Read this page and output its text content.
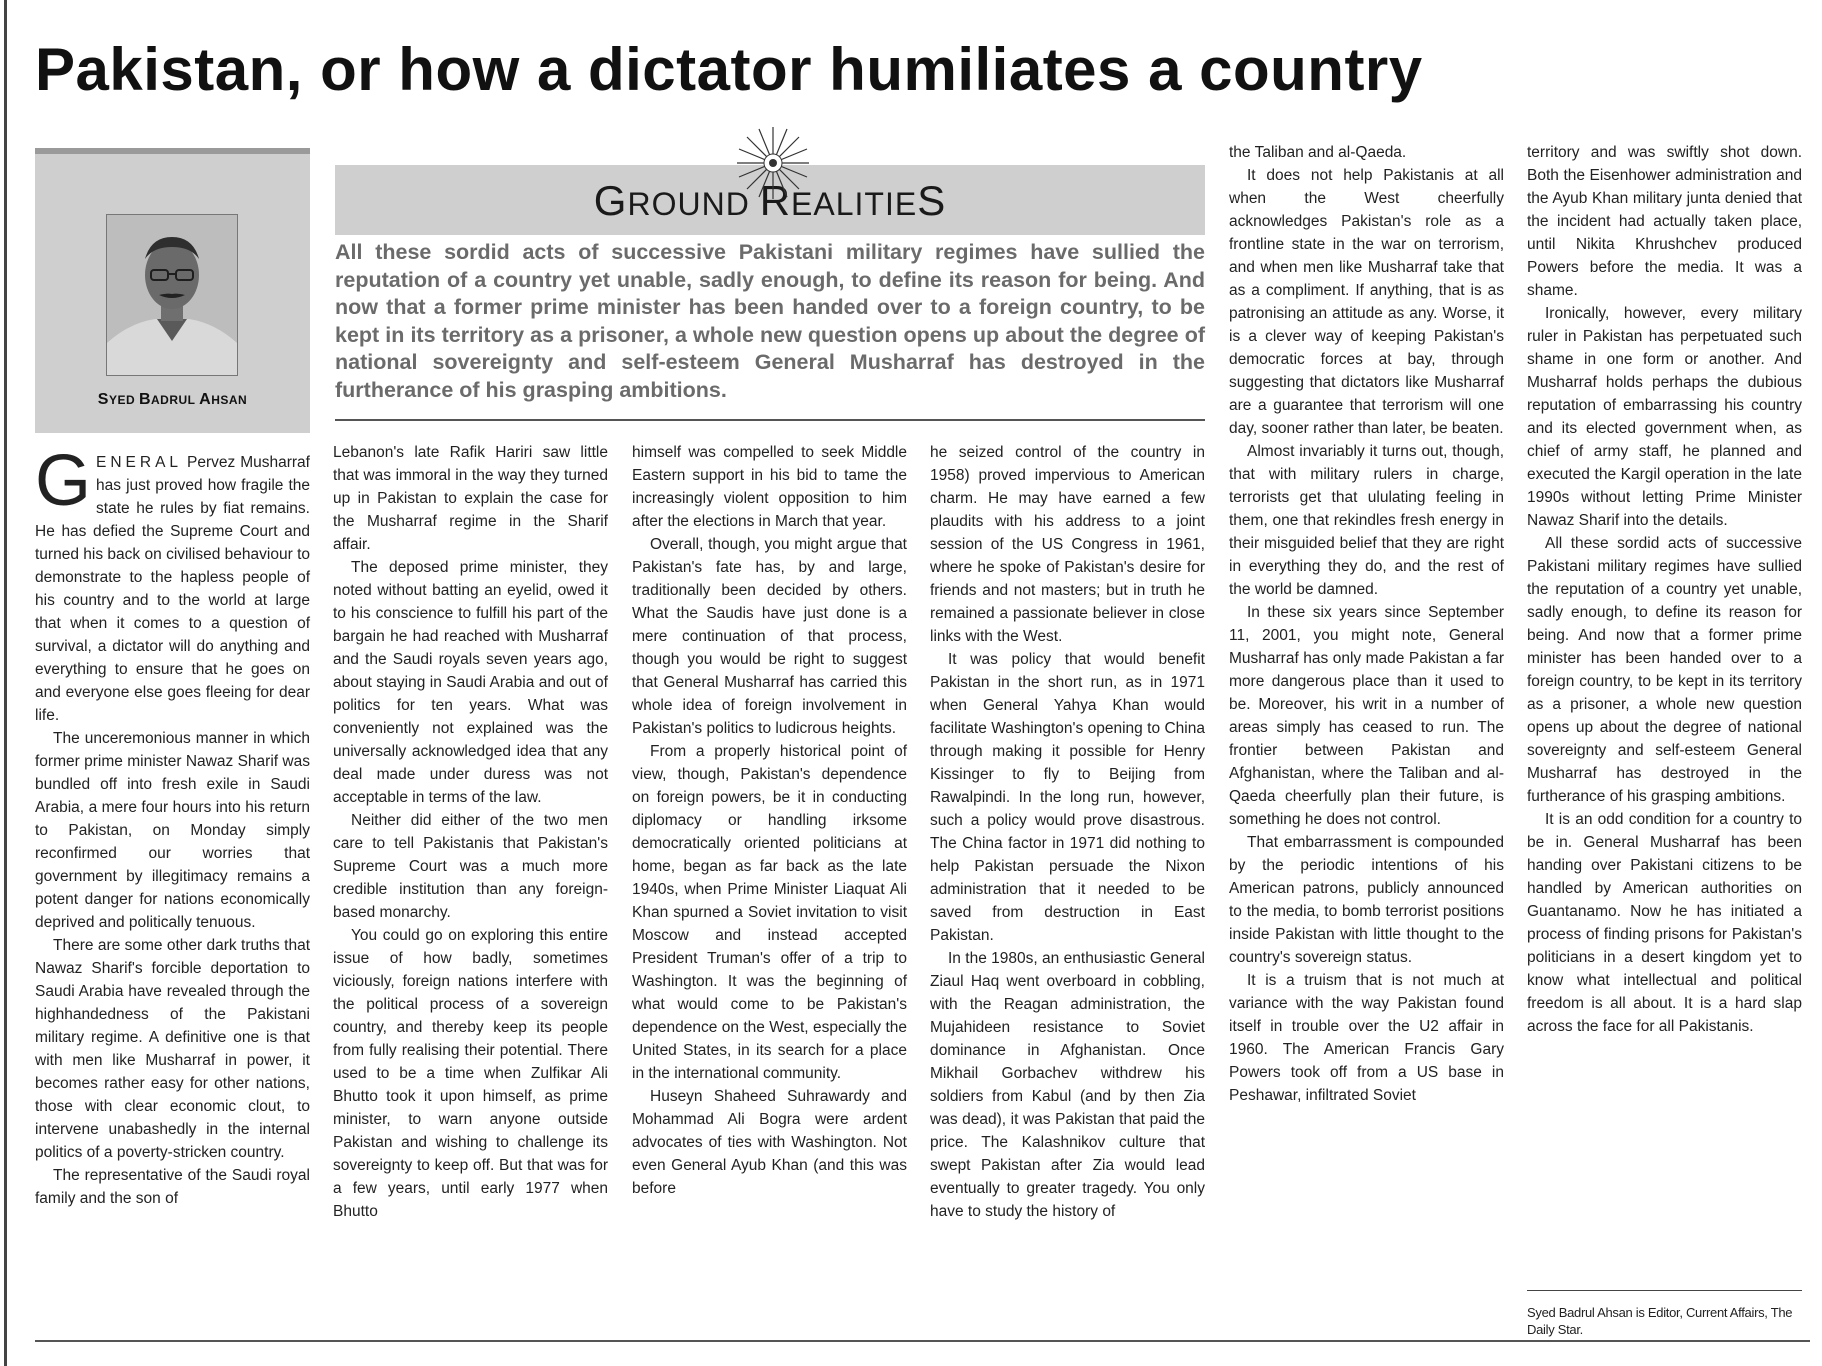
Pakistan, or how a dictator humiliates a country
SYED BADRUL AHSAN
GROUND REALITIES

All these sordid acts of successive Pakistani military regimes have sullied the reputation of a country yet unable, sadly enough, to define its reason for being. And now that a former prime minister has been handed over to a foreign country, to be kept in its territory as a prisoner, a whole new question opens up about the degree of national sovereignty and self-esteem General Musharraf has destroyed in the furtherance of his grasping ambitions.

GENERAL Pervez Musharraf has just proved how fragile the state he rules by fiat remains. He has defied the Supreme Court and turned his back on civilised behaviour to demonstrate to the hapless people of his country and to the world at large that when it comes to a question of survival, a dictator will do anything and everything to ensure that he goes on and everyone else goes fleeing for dear life.

The unceremonious manner in which former prime minister Nawaz Sharif was bundled off into fresh exile in Saudi Arabia, a mere four hours into his return to Pakistan, on Monday simply reconfirmed our worries that government by illegitimacy remains a potent danger for nations economically deprived and politically tenuous.

There are some other dark truths that Nawaz Sharif's forcible deportation to Saudi Arabia have revealed through the highhandedness of the Pakistani military regime. A definitive one is that with men like Musharraf in power, it becomes rather easy for other nations, those with clear economic clout, to intervene unabashedly in the internal politics of a poverty-stricken country.

The representative of the Saudi royal family and the son of

Lebanon's late Rafik Hariri saw little that was immoral in the way they turned up in Pakistan to explain the case for the Musharraf regime in the Sharif affair.

The deposed prime minister, they noted without batting an eyelid, owed it to his conscience to fulfill his part of the bargain he had reached with Musharraf and the Saudi royals seven years ago, about staying in Saudi Arabia and out of politics for ten years. What was conveniently not explained was the universally acknowledged idea that any deal made under duress was not acceptable in terms of the law.

Neither did either of the two men care to tell Pakistanis that Pakistan's Supreme Court was a much more credible institution than any foreign-based monarchy.

You could go on exploring this entire issue of how badly, sometimes viciously, foreign nations interfere with the political process of a sovereign country, and thereby keep its people from fully realising their potential. There used to be a time when Zulfikar Ali Bhutto took it upon himself, as prime minister, to warn anyone outside Pakistan and wishing to challenge its sovereignty to keep off. But that was for a few years, until early 1977 when Bhutto

himself was compelled to seek Middle Eastern support in his bid to tame the increasingly violent opposition to him after the elections in March that year.

Overall, though, you might argue that Pakistan's fate has, by and large, traditionally been decided by others. What the Saudis have just done is a mere continuation of that process, though you would be right to suggest that General Musharraf has carried this whole idea of foreign involvement in Pakistan's politics to ludicrous heights.

From a properly historical point of view, though, Pakistan's dependence on foreign powers, be it in conducting diplomacy or handling irksome democratically oriented politicians at home, began as far back as the late 1940s, when Prime Minister Liaquat Ali Khan spurned a Soviet invitation to visit Moscow and instead accepted President Truman's offer of a trip to Washington. It was the beginning of what would come to be Pakistan's dependence on the West, especially the United States, in its search for a place in the international community.

Huseyn Shaheed Suhrawardy and Mohammad Ali Bogra were ardent advocates of ties with Washington. Not even General Ayub Khan (and this was before

he seized control of the country in 1958) proved impervious to American charm. He may have earned a few plaudits with his address to a joint session of the US Congress in 1961, where he spoke of Pakistan's desire for friends and not masters; but in truth he remained a passionate believer in close links with the West.

It was policy that would benefit Pakistan in the short run, as in 1971 when General Yahya Khan would facilitate Washington's opening to China through making it possible for Henry Kissinger to fly to Beijing from Rawalpindi. In the long run, however, such a policy would prove disastrous. The China factor in 1971 did nothing to help Pakistan persuade the Nixon administration that it needed to be saved from destruction in East Pakistan.

In the 1980s, an enthusiastic General Ziaul Haq went overboard in cobbling, with the Reagan administration, the Mujahideen resistance to Soviet dominance in Afghanistan. Once Mikhail Gorbachev withdrew his soldiers from Kabul (and by then Zia was dead), it was Pakistan that paid the price. The Kalashnikov culture that swept Pakistan after Zia would lead eventually to greater tragedy. You only have to study the history of

the Taliban and al-Qaeda.

It does not help Pakistanis at all when the West cheerfully acknowledges Pakistan's role as a frontline state in the war on terrorism, and when men like Musharraf take that as a compliment. If anything, that is as patronising an attitude as any. Worse, it is a clever way of keeping Pakistan's democratic forces at bay, through suggesting that dictators like Musharraf are a guarantee that terrorism will one day, sooner rather than later, be beaten.

Almost invariably it turns out, though, that with military rulers in charge, terrorists get that ululating feeling in them, one that rekindles fresh energy in their misguided belief that they are right in everything they do, and the rest of the world be damned.

In these six years since September 11, 2001, you might note, General Musharraf has only made Pakistan a far more dangerous place than it used to be. Moreover, his writ in a number of areas simply has ceased to run. The frontier between Pakistan and Afghanistan, where the Taliban and al-Qaeda cheerfully plan their future, is something he does not control.

That embarrassment is compounded by the periodic intentions of his American patrons, publicly announced to the media, to bomb terrorist positions inside Pakistan with little thought to the country's sovereign status.

It is a truism that is not much at variance with the way Pakistan found itself in trouble over the U2 affair in 1960. The American Francis Gary Powers took off from a US base in Peshawar, infiltrated Soviet

territory and was swiftly shot down. Both the Eisenhower administration and the Ayub Khan military junta denied that the incident had actually taken place, until Nikita Khrushchev produced Powers before the media. It was a shame.

Ironically, however, every military ruler in Pakistan has perpetuated such shame in one form or another. And Musharraf holds perhaps the dubious reputation of embarrassing his country and its elected government when, as chief of army staff, he planned and executed the Kargil operation in the late 1990s without letting Prime Minister Nawaz Sharif into the details.

All these sordid acts of successive Pakistani military regimes have sullied the reputation of a country yet unable, sadly enough, to define its reason for being. And now that a former prime minister has been handed over to a foreign country, to be kept in its territory as a prisoner, a whole new question opens up about the degree of national sovereignty and self-esteem General Musharraf has destroyed in the furtherance of his grasping ambitions.

It is an odd condition for a country to be in. General Musharraf has been handing over Pakistani citizens to be handled by American authorities on Guantanamo. Now he has initiated a process of finding prisons for Pakistan's politicians in a desert kingdom yet to know what intellectual and political freedom is all about. It is a hard slap across the face for all Pakistanis.

Syed Badrul Ahsan is Editor, Current Affairs, The Daily Star.
